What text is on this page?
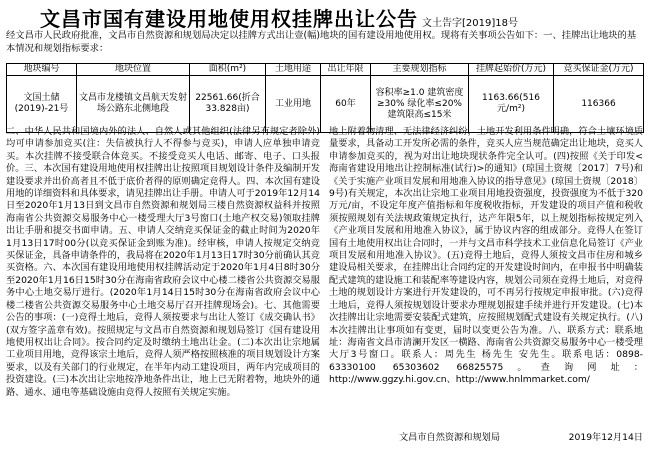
文昌市国有建设用地使用权挂牌出让公告 文土告字[2019]18号
经文昌市人民政府批准，文昌市自然资源和规划局决定以挂牌方式出让壹(幅)地块的国有建设用地使用权。现将有关事项公告如下：一、挂牌出让地块的基本情况和规划指标要求：
地块编号	地块位置	面积(m²)	土地用途	出让年限	主要规划指标	挂牌起始价(万元)	竞买保证金(万元)
文国土储(2019)-21号	文昌市龙楼镇文昌航天发射场公路东北侧地段	22561.66(折合33.828亩)	工业用地	60年	容积率≥1.0 建筑密度≥30% 绿化率≤20% 建筑限高≤15米	1163.66(516元/m²)	116366
二、中华人民共和国境内外的法人、自然人或其他组织(法律另有规定者除外)均可申请参加竞买(注：失信被执行人不得参与竞买)，申请人应单独申请竞买。本次挂牌不接受联合体竞买。不接受竞买人电话、邮寄、电子、口头报价。三、本次国有建设用地使用权挂牌出让按照项目规划设计条件及编制开发建设要求并出价高者且不低于底价者得的原则确定竞得人。四、本次国有建设用地的详细资料和具体要求，请见挂牌出让手册。申请人可于2019年12月14日至2020年1月13日到文昌市自然资源和规划局三楼自然资源权益科并按照海南省公共资源交易服务中心一楼受理大厅3号窗口(土地产权交易)领取挂牌出让手册和提交书面申请。五、申请人交纳竞买保证金的截止时间为2020年1月13日17时00分(以竞买保证金到账为准)。经审核，申请人按规定交纳竞买保证金，具备申请条件的，我局将在2020年1月13日17时30分前确认其竞买资格。六、本次国有建设用地使用权挂牌活动定于2020年1月4日8时30分至2020年1月16日15时30分在海南省政府会议中心楼二楼省公共资源交易服务中心土地交易厅进行。(2020年1月14日15时30分在海南省政府会议中心楼二楼省公共资源交易服务中心土地交易厅召开挂牌现场会)。七、其他需要公告的事项：(一)竞得土地后，竞得人须按要求与出让人签订《成交确认书》(双方签字盖章有效)。按照规定与文昌市自然资源和规划局签订《国有建设用地使用权出让合同》。按合同约定及时缴纳土地出让金。(二)本次出让宗地属工业项目用地，竞得该宗土地后，竞得人须严格按照核准的项目规划设计方案要求，以及有关部门的行业规定，在半年内动工建设项目，两年内完成项目的投资建设。(三)本次出让宗地按净地条件出让，地上已无附着物，地块外的通路、通水、通电等基础设施由竞得人按照有关规定实施。
地上附着物清理、无法律经济纠纷，土地开发利用条件明确，符合土壤环境质量要求，具备动工开发所必需的条件，竞买人应当规范确定出让地块，竞买人申请参加竞买的，视为对出让地块现状条件完全认可。(四)按照《关于印发<海南省建设用地出让控制标准(试行)>的通知》(琼国土资规〔2017〕7号)和《关于实施产业项目发展和用地准入协议的指导意见》(琼国土资规〔2018〕9号)有关规定，本次出让宗地工业项目用地投资强度，投资强度为不低于320万元/亩，不设定年度产值指标和年度税收指标，开发建设的项目产值和税收须按照规划有关法规政策规定执行，达产年限5年，以上规划指标按规定列入《产业项目发展和用地准入协议》，属于协议内容的组成部分。竞得人在签订国有土地使用权出让合同时，一并与文昌市科学技术工业信息化局签订《产业项目发展和用地准入协议》。(五)竞得土地后，竞得人须按文昌市住房和城乡建设局相关要求，在挂牌出让合同约定的开发建设时间内，在申报书中明确装配式建筑的建设施工和装配率等建设内容，规划公司须在竞得土地后，对竞得土地的规划设计方案进行开发建设的，可不再另行按规定申报审批。(六)竞得土地后，竞得人须按规划设计要求办理规划报建手续并进行开发建设。(七)本次挂牌出让宗地需要安装配式建筑，应按照规划配式建设有关规定执行。(八)本次挂牌出让事项如有变更，届时以变更公告为准。八、联系方式：联系地址：海南省文昌市清澜开发区一横路、海南省公共资源交易服务中心一楼受理大厅3号窗口。联系人：周先生 杨先生 安先生。联系电话：0898-63330100 65303602 66825575。查询网址：http://www.ggzy.hi.gov.cn、http://www.hnlmmarket.com/
文昌市自然资源和规划局	2019年12月14日
